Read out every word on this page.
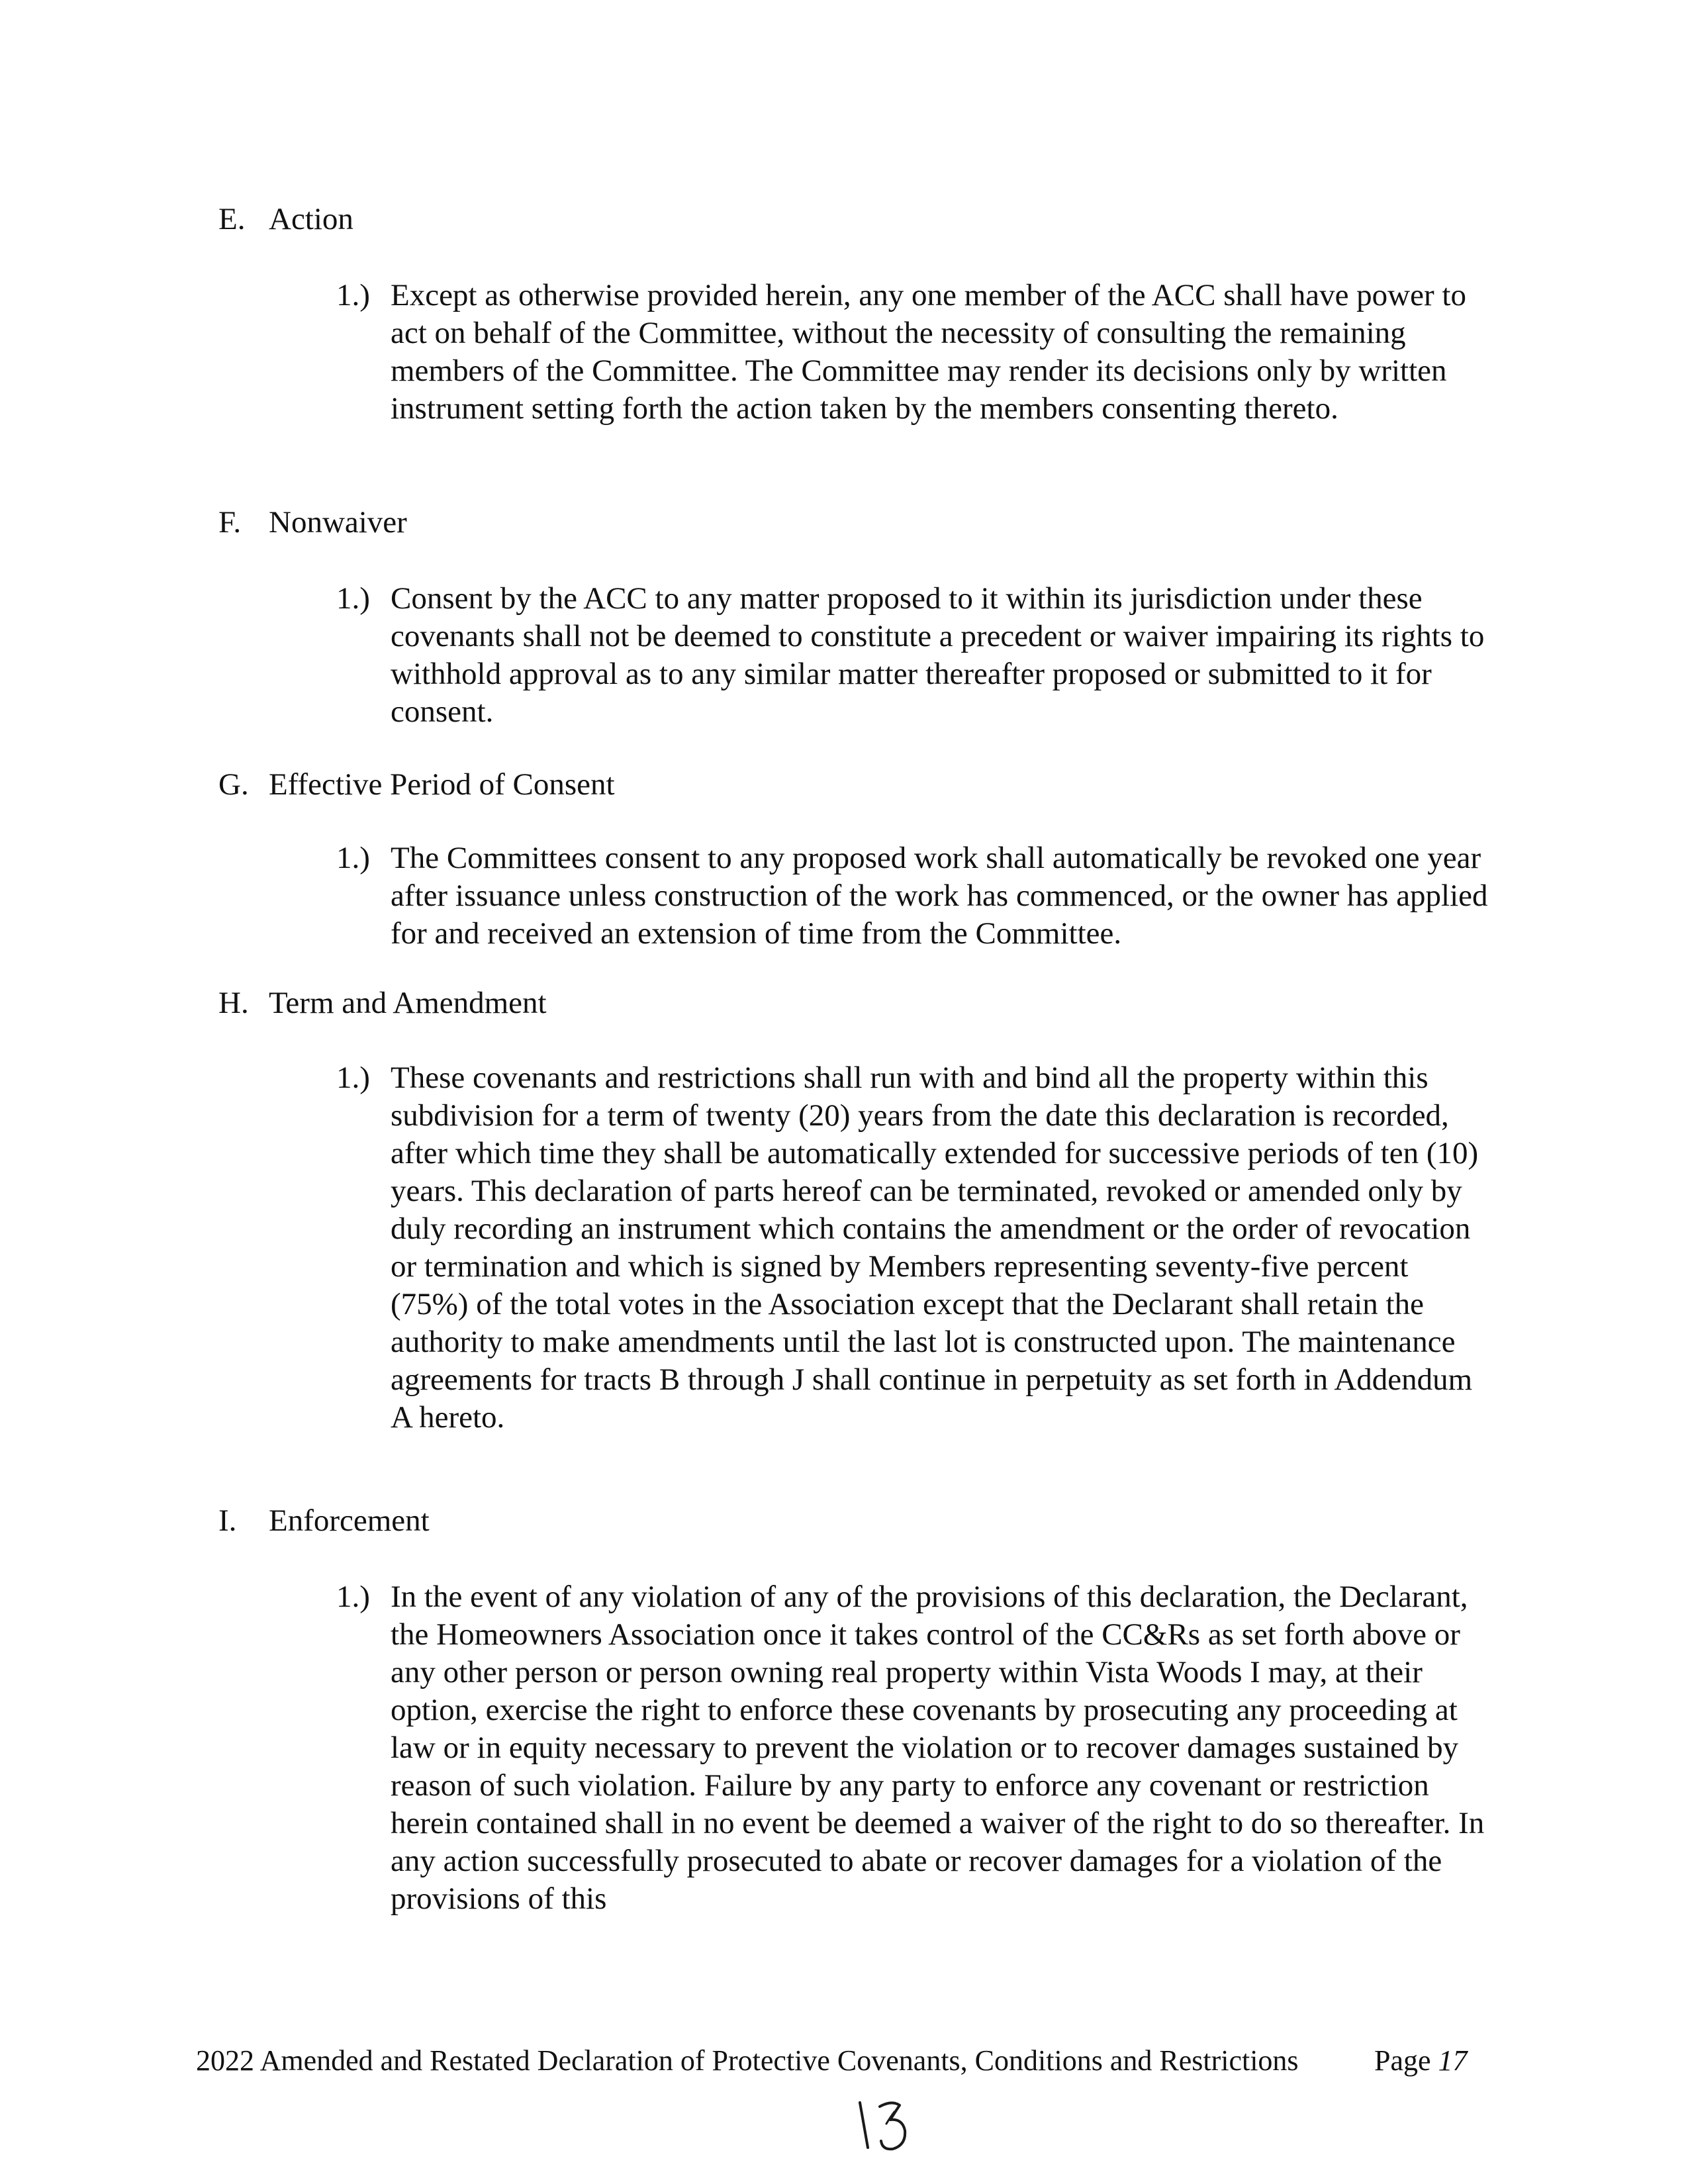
E. Action
1.) Except as otherwise provided herein, any one member of the ACC shall have power to act on behalf of the Committee, without the necessity of consulting the remaining members of the Committee. The Committee may render its decisions only by written instrument setting forth the action taken by the members consenting thereto.
F. Nonwaiver
1.) Consent by the ACC to any matter proposed to it within its jurisdiction under these covenants shall not be deemed to constitute a precedent or waiver impairing its rights to withhold approval as to any similar matter thereafter proposed or submitted to it for consent.
G. Effective Period of Consent
1.) The Committees consent to any proposed work shall automatically be revoked one year after issuance unless construction of the work has commenced, or the owner has applied for and received an extension of time from the Committee.
H. Term and Amendment
1.) These covenants and restrictions shall run with and bind all the property within this subdivision for a term of twenty (20) years from the date this declaration is recorded, after which time they shall be automatically extended for successive periods of ten (10) years. This declaration of parts hereof can be terminated, revoked or amended only by duly recording an instrument which contains the amendment or the order of revocation or termination and which is signed by Members representing seventy-five percent (75%) of the total votes in the Association except that the Declarant shall retain the authority to make amendments until the last lot is constructed upon. The maintenance agreements for tracts B through J shall continue in perpetuity as set forth in Addendum A hereto.
I. Enforcement
1.) In the event of any violation of any of the provisions of this declaration, the Declarant, the Homeowners Association once it takes control of the CC&Rs as set forth above or any other person or person owning real property within Vista Woods I may, at their option, exercise the right to enforce these covenants by prosecuting any proceeding at law or in equity necessary to prevent the violation or to recover damages sustained by reason of such violation. Failure by any party to enforce any covenant or restriction herein contained shall in no event be deemed a waiver of the right to do so thereafter. In any action successfully prosecuted to abate or recover damages for a violation of the provisions of this
2022 Amended and Restated Declaration of Protective Covenants, Conditions and Restrictions	Page 17
